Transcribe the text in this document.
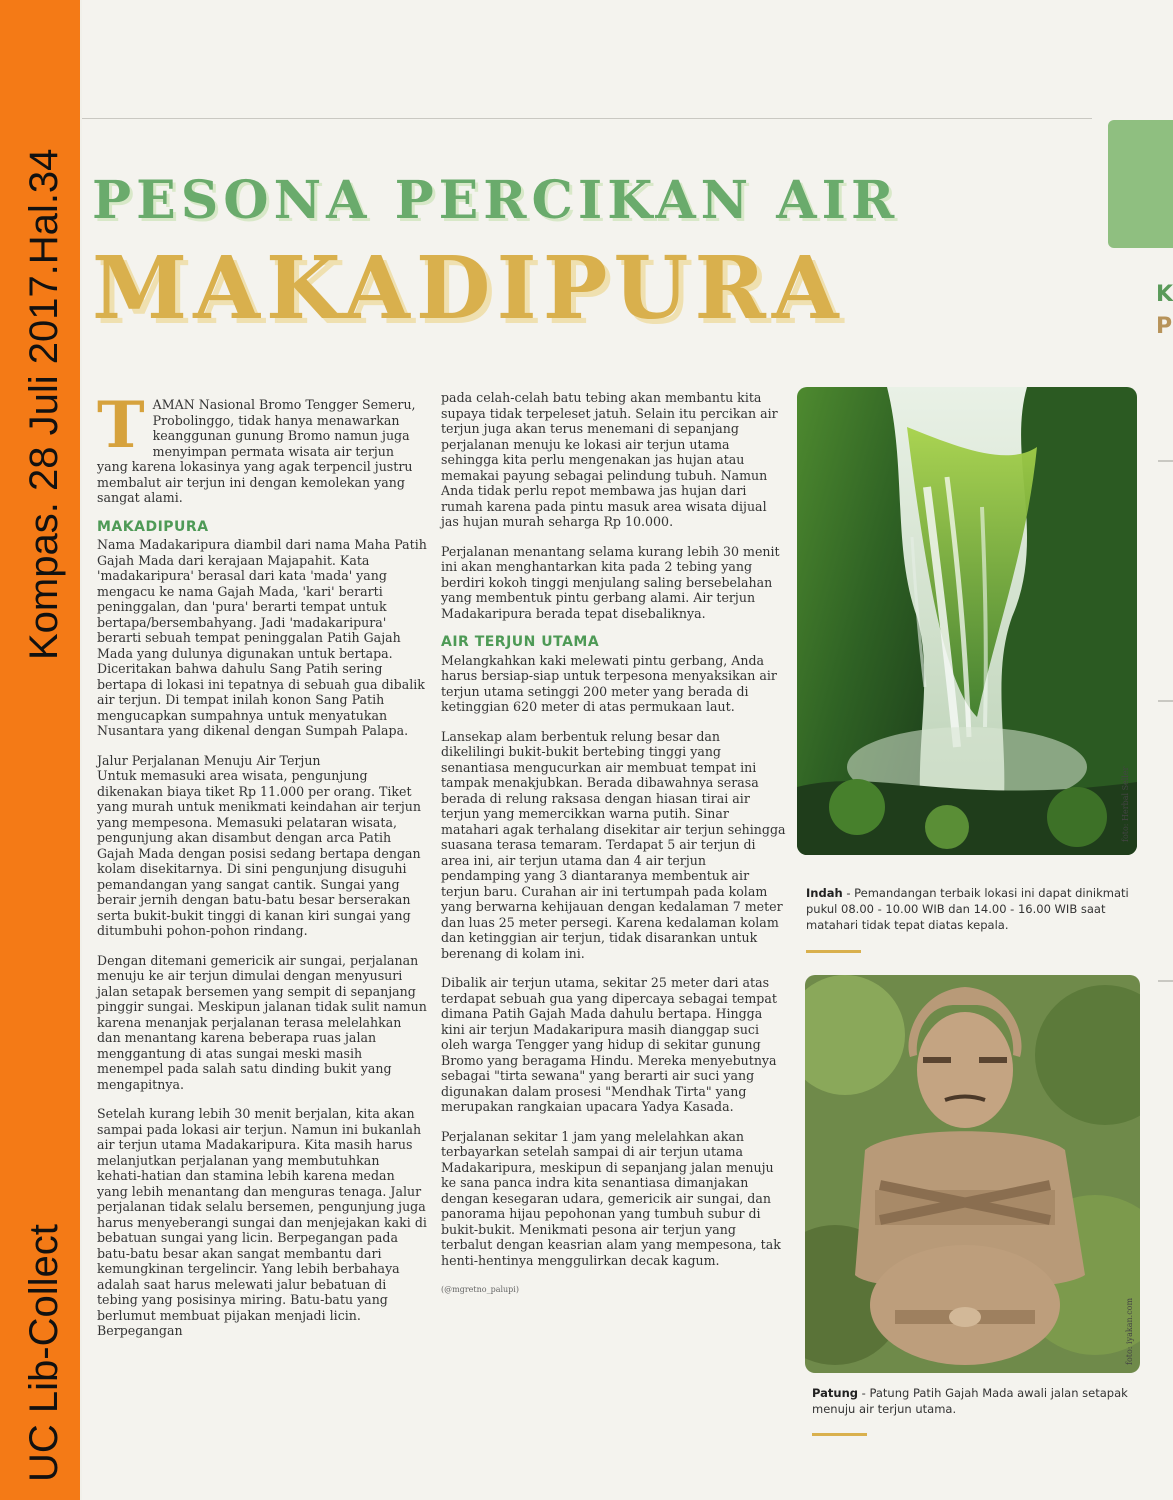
Kompas. 28 Juli 2017.Hal.34
UC Lib-Collect
K
P
PESONA PERCIKAN AIR
MAKADIPURA

T AMAN Nasional Bromo Tengger Semeru, Probolinggo, tidak hanya menawarkan keanggunan gunung Bromo namun juga menyimpan permata wisata air terjun yang karena lokasinya yang agak terpencil justru membalut air terjun ini dengan kemolekan yang sangat alami.

MAKADIPURA

Nama Madakaripura diambil dari nama Maha Patih Gajah Mada dari kerajaan Majapahit. Kata 'madakaripura' berasal dari kata 'mada' yang mengacu ke nama Gajah Mada, 'kari' berarti peninggalan, dan 'pura' berarti tempat untuk bertapa/bersembahyang. Jadi 'madakaripura' berarti sebuah tempat peninggalan Patih Gajah Mada yang dulunya digunakan untuk bertapa. Diceritakan bahwa dahulu Sang Patih sering bertapa di lokasi ini tepatnya di sebuah gua dibalik air terjun. Di tempat inilah konon Sang Patih mengucapkan sumpahnya untuk menyatukan Nusantara yang dikenal dengan Sumpah Palapa.

Jalur Perjalanan Menuju Air Terjun

Untuk memasuki area wisata, pengunjung dikenakan biaya tiket Rp 11.000 per orang. Tiket yang murah untuk menikmati keindahan air terjun yang mempesona. Memasuki pelataran wisata, pengunjung akan disambut dengan arca Patih Gajah Mada dengan posisi sedang bertapa dengan kolam disekitarnya. Di sini pengunjung disuguhi pemandangan yang sangat cantik. Sungai yang berair jernih dengan batu-batu besar berserakan serta bukit-bukit tinggi di kanan kiri sungai yang ditumbuhi pohon-pohon rindang.

Dengan ditemani gemericik air sungai, perjalanan menuju ke air terjun dimulai dengan menyusuri jalan setapak bersemen yang sempit di sepanjang pinggir sungai. Meskipun jalanan tidak sulit namun karena menanjak perjalanan terasa melelahkan dan menantang karena beberapa ruas jalan menggantung di atas sungai meski masih menempel pada salah satu dinding bukit yang mengapitnya.

Setelah kurang lebih 30 menit berjalan, kita akan sampai pada lokasi air terjun. Namun ini bukanlah air terjun utama Madakaripura. Kita masih harus melanjutkan perjalanan yang membutuhkan kehati-hatian dan stamina lebih karena medan yang lebih menantang dan menguras tenaga. Jalur perjalanan tidak selalu bersemen, pengunjung juga harus menyeberangi sungai dan menjejakan kaki di bebatuan sungai yang licin. Berpegangan pada batu-batu besar akan sangat membantu dari kemungkinan tergelincir. Yang lebih berbahaya adalah saat harus melewati jalur bebatuan di tebing yang posisinya miring. Batu-batu yang berlumut membuat pijakan menjadi licin. Berpegangan

pada celah-celah batu tebing akan membantu kita supaya tidak terpeleset jatuh. Selain itu percikan air terjun juga akan terus menemani di sepanjang perjalanan menuju ke lokasi air terjun utama sehingga kita perlu mengenakan jas hujan atau memakai payung sebagai pelindung tubuh. Namun Anda tidak perlu repot membawa jas hujan dari rumah karena pada pintu masuk area wisata dijual jas hujan murah seharga Rp 10.000.

Perjalanan menantang selama kurang lebih 30 menit ini akan menghantarkan kita pada 2 tebing yang berdiri kokoh tinggi menjulang saling bersebelahan yang membentuk pintu gerbang alami. Air terjun Madakaripura berada tepat disebaliknya.

AIR TERJUN UTAMA

Melangkahkan kaki melewati pintu gerbang, Anda harus bersiap-siap untuk terpesona menyaksikan air terjun utama setinggi 200 meter yang berada di ketinggian 620 meter di atas permukaan laut.

Lansekap alam berbentuk relung besar dan dikelilingi bukit-bukit bertebing tinggi yang senantiasa mengucurkan air membuat tempat ini tampak menakjubkan. Berada dibawahnya serasa berada di relung raksasa dengan hiasan tirai air terjun yang memercikkan warna putih. Sinar matahari agak terhalang disekitar air terjun sehingga suasana terasa temaram. Terdapat 5 air terjun di area ini, air terjun utama dan 4 air terjun pendamping yang 3 diantaranya membentuk air terjun baru. Curahan air ini tertumpah pada kolam yang berwarna kehijauan dengan kedalaman 7 meter dan luas 25 meter persegi. Karena kedalaman kolam dan ketinggian air terjun, tidak disarankan untuk berenang di kolam ini.

Dibalik air terjun utama, sekitar 25 meter dari atas terdapat sebuah gua yang dipercaya sebagai tempat dimana Patih Gajah Mada dahulu bertapa. Hingga kini air terjun Madakaripura masih dianggap suci oleh warga Tengger yang hidup di sekitar gunung Bromo yang beragama Hindu. Mereka menyebutnya sebagai "tirta sewana" yang berarti air suci yang digunakan dalam prosesi "Mendhak Tirta" yang merupakan rangkaian upacara Yadya Kasada.

Perjalanan sekitar 1 jam yang melelahkan akan terbayarkan setelah sampai di air terjun utama Madakaripura, meskipun di sepanjang jalan menuju ke sana panca indra kita senantiasa dimanjakan dengan kesegaran udara, gemericik air sungai, dan panorama hijau pepohonan yang tumbuh subur di bukit-bukit. Menikmati pesona air terjun yang terbalut dengan keasrian alam yang mempesona, tak henti-hentinya menggulirkan decak kagum.

(@mgretno_palupi)
foto: Herbal Seller
Indah - Pemandangan terbaik lokasi ini dapat dinikmati pukul 08.00 - 10.00 WIB dan 14.00 - 16.00 WIB saat matahari tidak tepat diatas kepala.
foto: iyakan.com
Patung - Patung Patih Gajah Mada awali jalan setapak menuju air terjun utama.
